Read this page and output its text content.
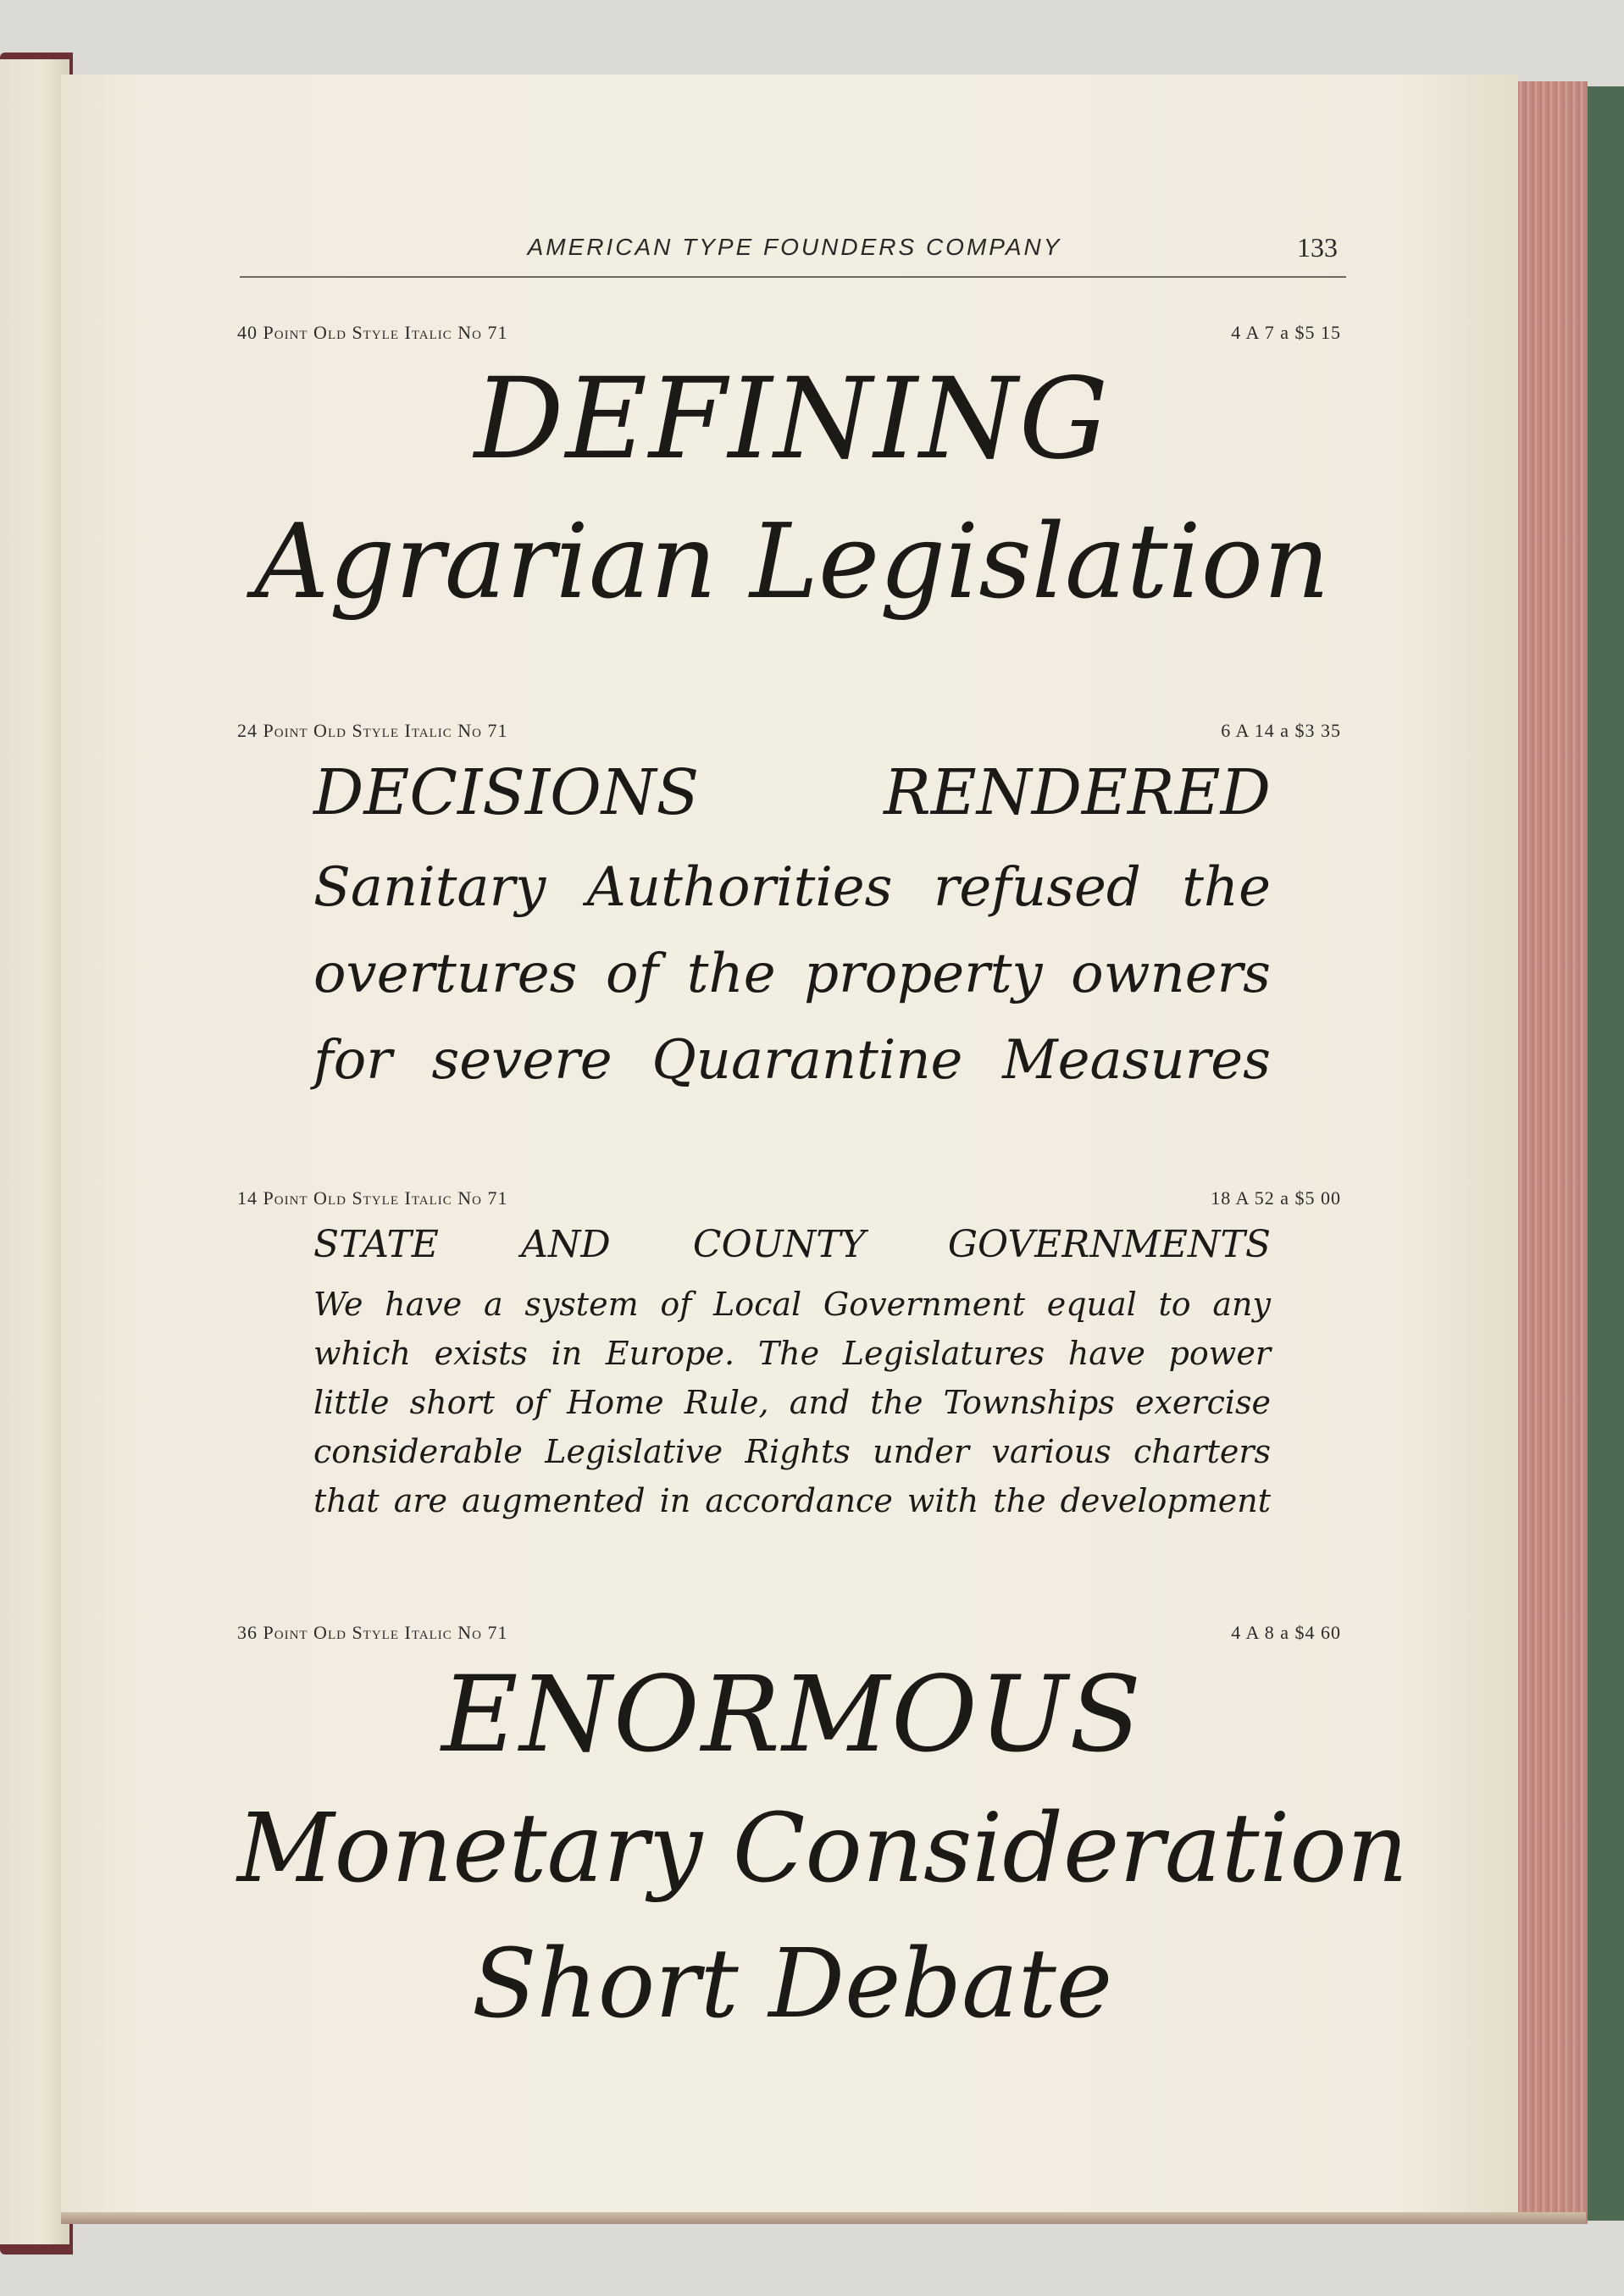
AMERICAN TYPE FOUNDERS COMPANY	133
40 Point Old Style Italic No 71	4 A 7 a $5 15
DEFINING
Agrarian Legislation
24 Point Old Style Italic No 71	6 A 14 a $3 35
DECISIONS RENDERED
Sanitary Authorities refused the
overtures of the property owners
for severe Quarantine Measures
14 Point Old Style Italic No 71	18 A 52 a $5 00
STATE AND COUNTY GOVERNMENTS
We have a system of Local Government equal to any
which exists in Europe. The Legislatures have power
little short of Home Rule, and the Townships exercise
considerable Legislative Rights under various charters
that are augmented in accordance with the development
36 Point Old Style Italic No 71	4 A 8 a $4 60
ENORMOUS
Monetary Consideration
Short Debate
